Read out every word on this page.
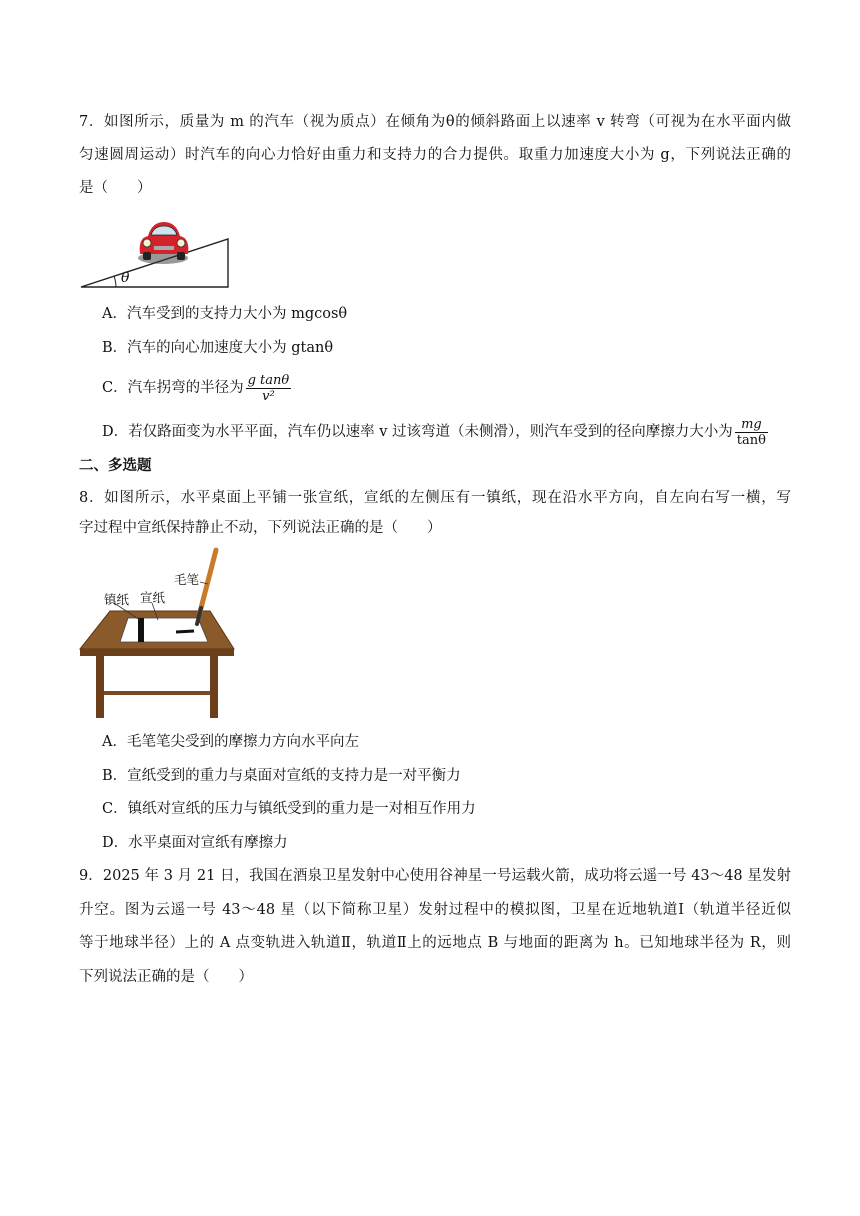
7．如图所示，质量为 m 的汽车（视为质点）在倾角为θ的倾斜路面上以速率 v 转弯（可视为在水平面内做
匀速圆周运动）时汽车的向心力恰好由重力和支持力的合力提供。取重力加速度大小为 g，下列说法正确的
是（　　）
θ
A．汽车受到的支持力大小为 mgcosθ
B．汽车的向心加速度大小为 gtanθ
C．汽车拐弯的半径为 $\frac{\text{g tanθ}}{\text{v²}}$
D．若仅路面变为水平平面，汽车仍以速率 v 过该弯道（未侧滑），则汽车受到的径向摩擦力大小为 $\frac{mg}{\tan\theta}$
二、多选题
8．如图所示，水平桌面上平铺一张宣纸，宣纸的左侧压有一镇纸，现在沿水平方向，自左向右写一横，写
字过程中宣纸保持静止不动，下列说法正确的是（　　）
毛笔
镇纸 宣纸
A．毛笔笔尖受到的摩擦力方向水平向左
B．宣纸受到的重力与桌面对宣纸的支持力是一对平衡力
C．镇纸对宣纸的压力与镇纸受到的重力是一对相互作用力
D．水平桌面对宣纸有摩擦力
9．2025 年 3 月 21 日，我国在酒泉卫星发射中心使用谷神星一号运载火箭，成功将云遥一号 43～48 星发射
升空。图为云遥一号 43～48 星（以下简称卫星）发射过程中的模拟图，卫星在近地轨道Ⅰ（轨道半径近似
等于地球半径）上的 A 点变轨进入轨道Ⅱ，轨道Ⅱ上的远地点 B 与地面的距离为 h。已知地球半径为 R，则
下列说法正确的是（　　）
